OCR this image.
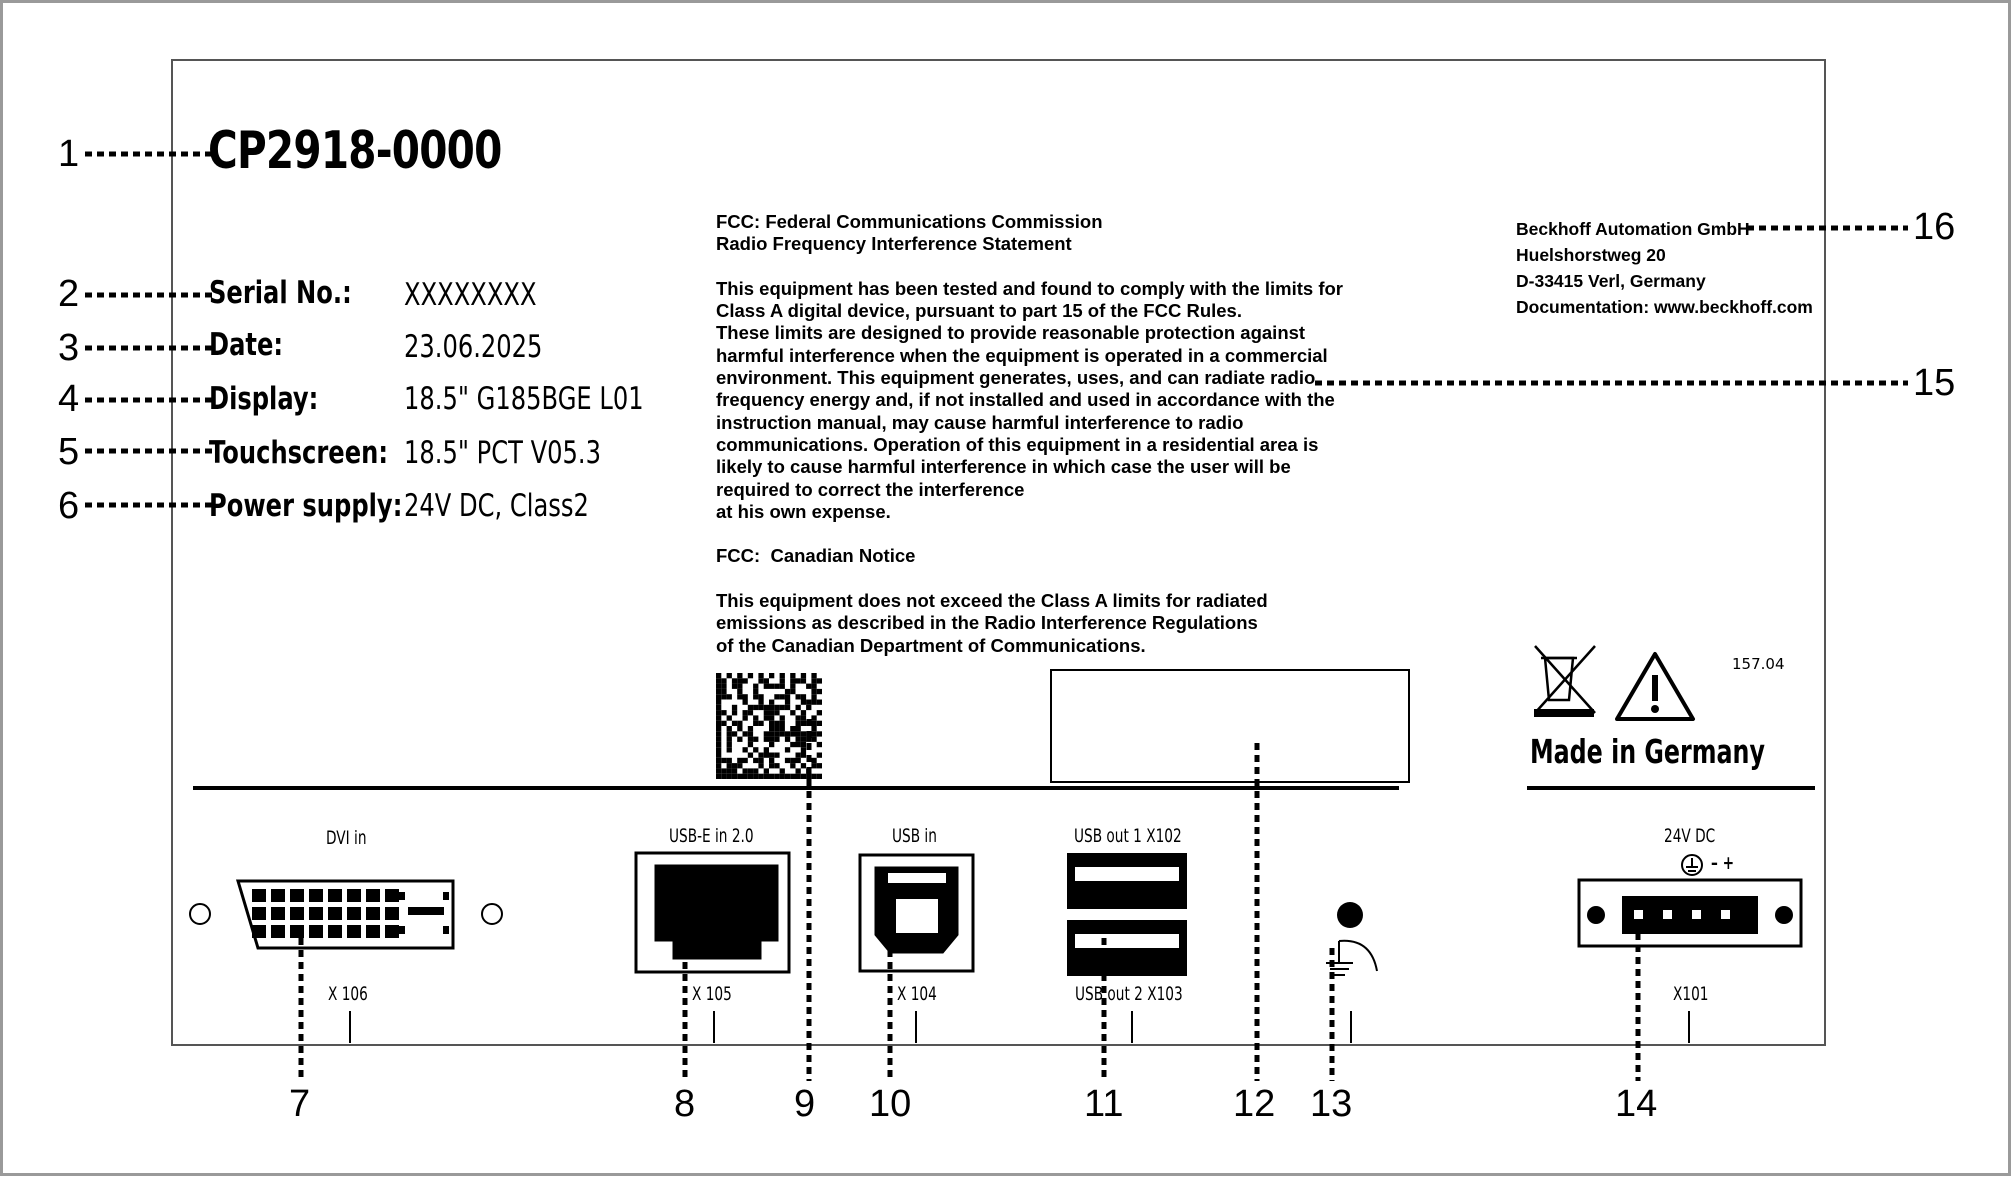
CP2918-0000
Serial No.: XXXXXXXX
Date:	23.06.2025
Display:	18.5" G185BGE L01
Touchscreen: 18.5" PCT V05.3
Power supply: 24V DC, Class2
FCC: Federal Communications Commission
Radio Frequency Interference Statement

This equipment has been tested and found to comply with the limits for
Class A digital device, pursuant to part 15 of the FCC Rules.
These limits are designed to provide reasonable protection against
harmful interference when the equipment is operated in a commercial
environment. This equipment generates, uses, and can radiate radio
frequency energy and, if not installed and used in accordance with the
instruction manual, may cause harmful interference to radio
communications. Operation of this equipment in a residential area is
likely to cause harmful interference in which case the user will be
required to correct the interference
at his own expense.

FCC:  Canadian Notice

This equipment does not exceed the Class A limits for radiated
emissions as described in the Radio Interference Regulations
of the Canadian Department of Communications.
Beckhoff Automation GmbH
Huelshorstweg 20
D-33415 Verl, Germany
Documentation: www.beckhoff.com
157.04
Made in Germany
DVI in
X 106
USB-E in 2.0
X 105
USB in
X 104
USB out 1 X102
USB out 2 X103
24V DC
– +
X101
1
2
3
4
5
6
7	8	9 10	11	12 13	14
15
16
